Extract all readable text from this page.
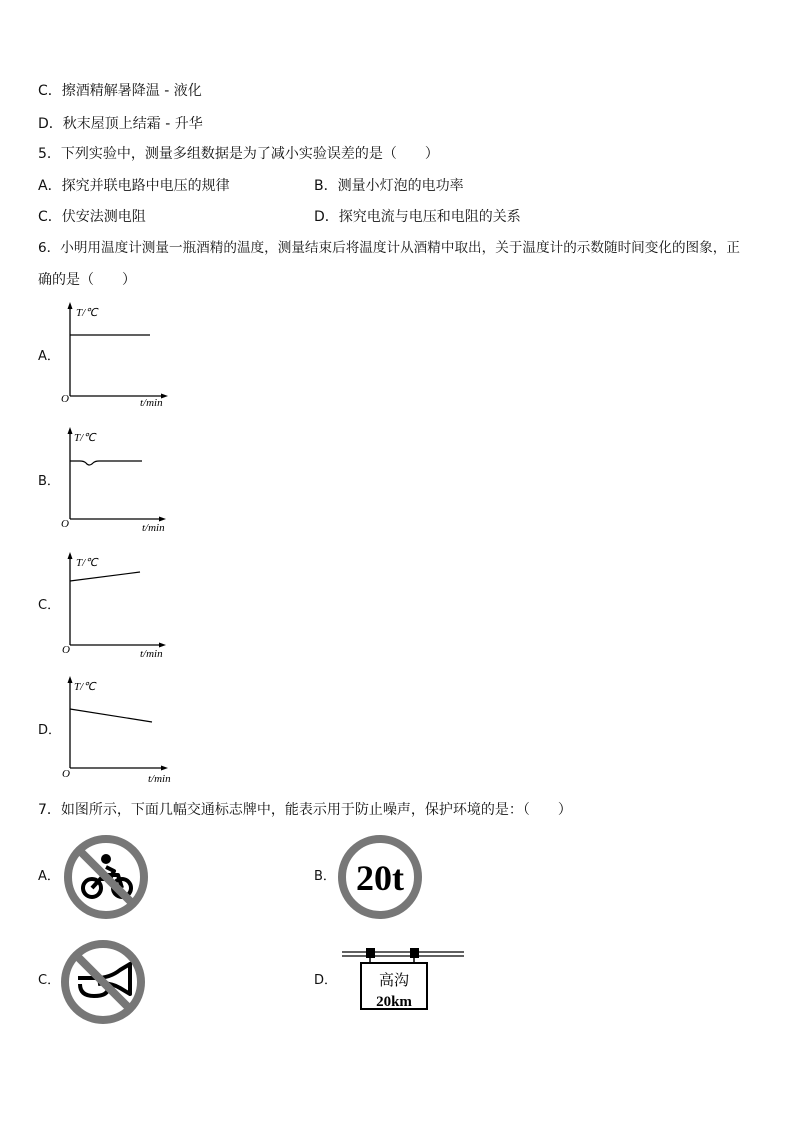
C．擦酒精解暑降温 - 液化
D．秋末屋顶上结霜 - 升华
5．下列实验中，测量多组数据是为了减小实验误差的是（　　）
A．探究并联电路中电压的规律	B．测量小灯泡的电功率
C．伏安法测电阻	D．探究电流与电压和电阻的关系
6．小明用温度计测量一瓶酒精的温度，测量结束后将温度计从酒精中取出，关于温度计的示数随时间变化的图象，正
确的是（　　）
A．
T/℃
O	t/min
B．
T/℃
O	t/min
C．
T/℃
O	t/min
D．
T/℃
O	t/min
7．如图所示，下面几幅交通标志牌中，能表示用于防止噪声，保护环境的是：（　　）
A．	B． 20t
C．	D．	高沟
20km
